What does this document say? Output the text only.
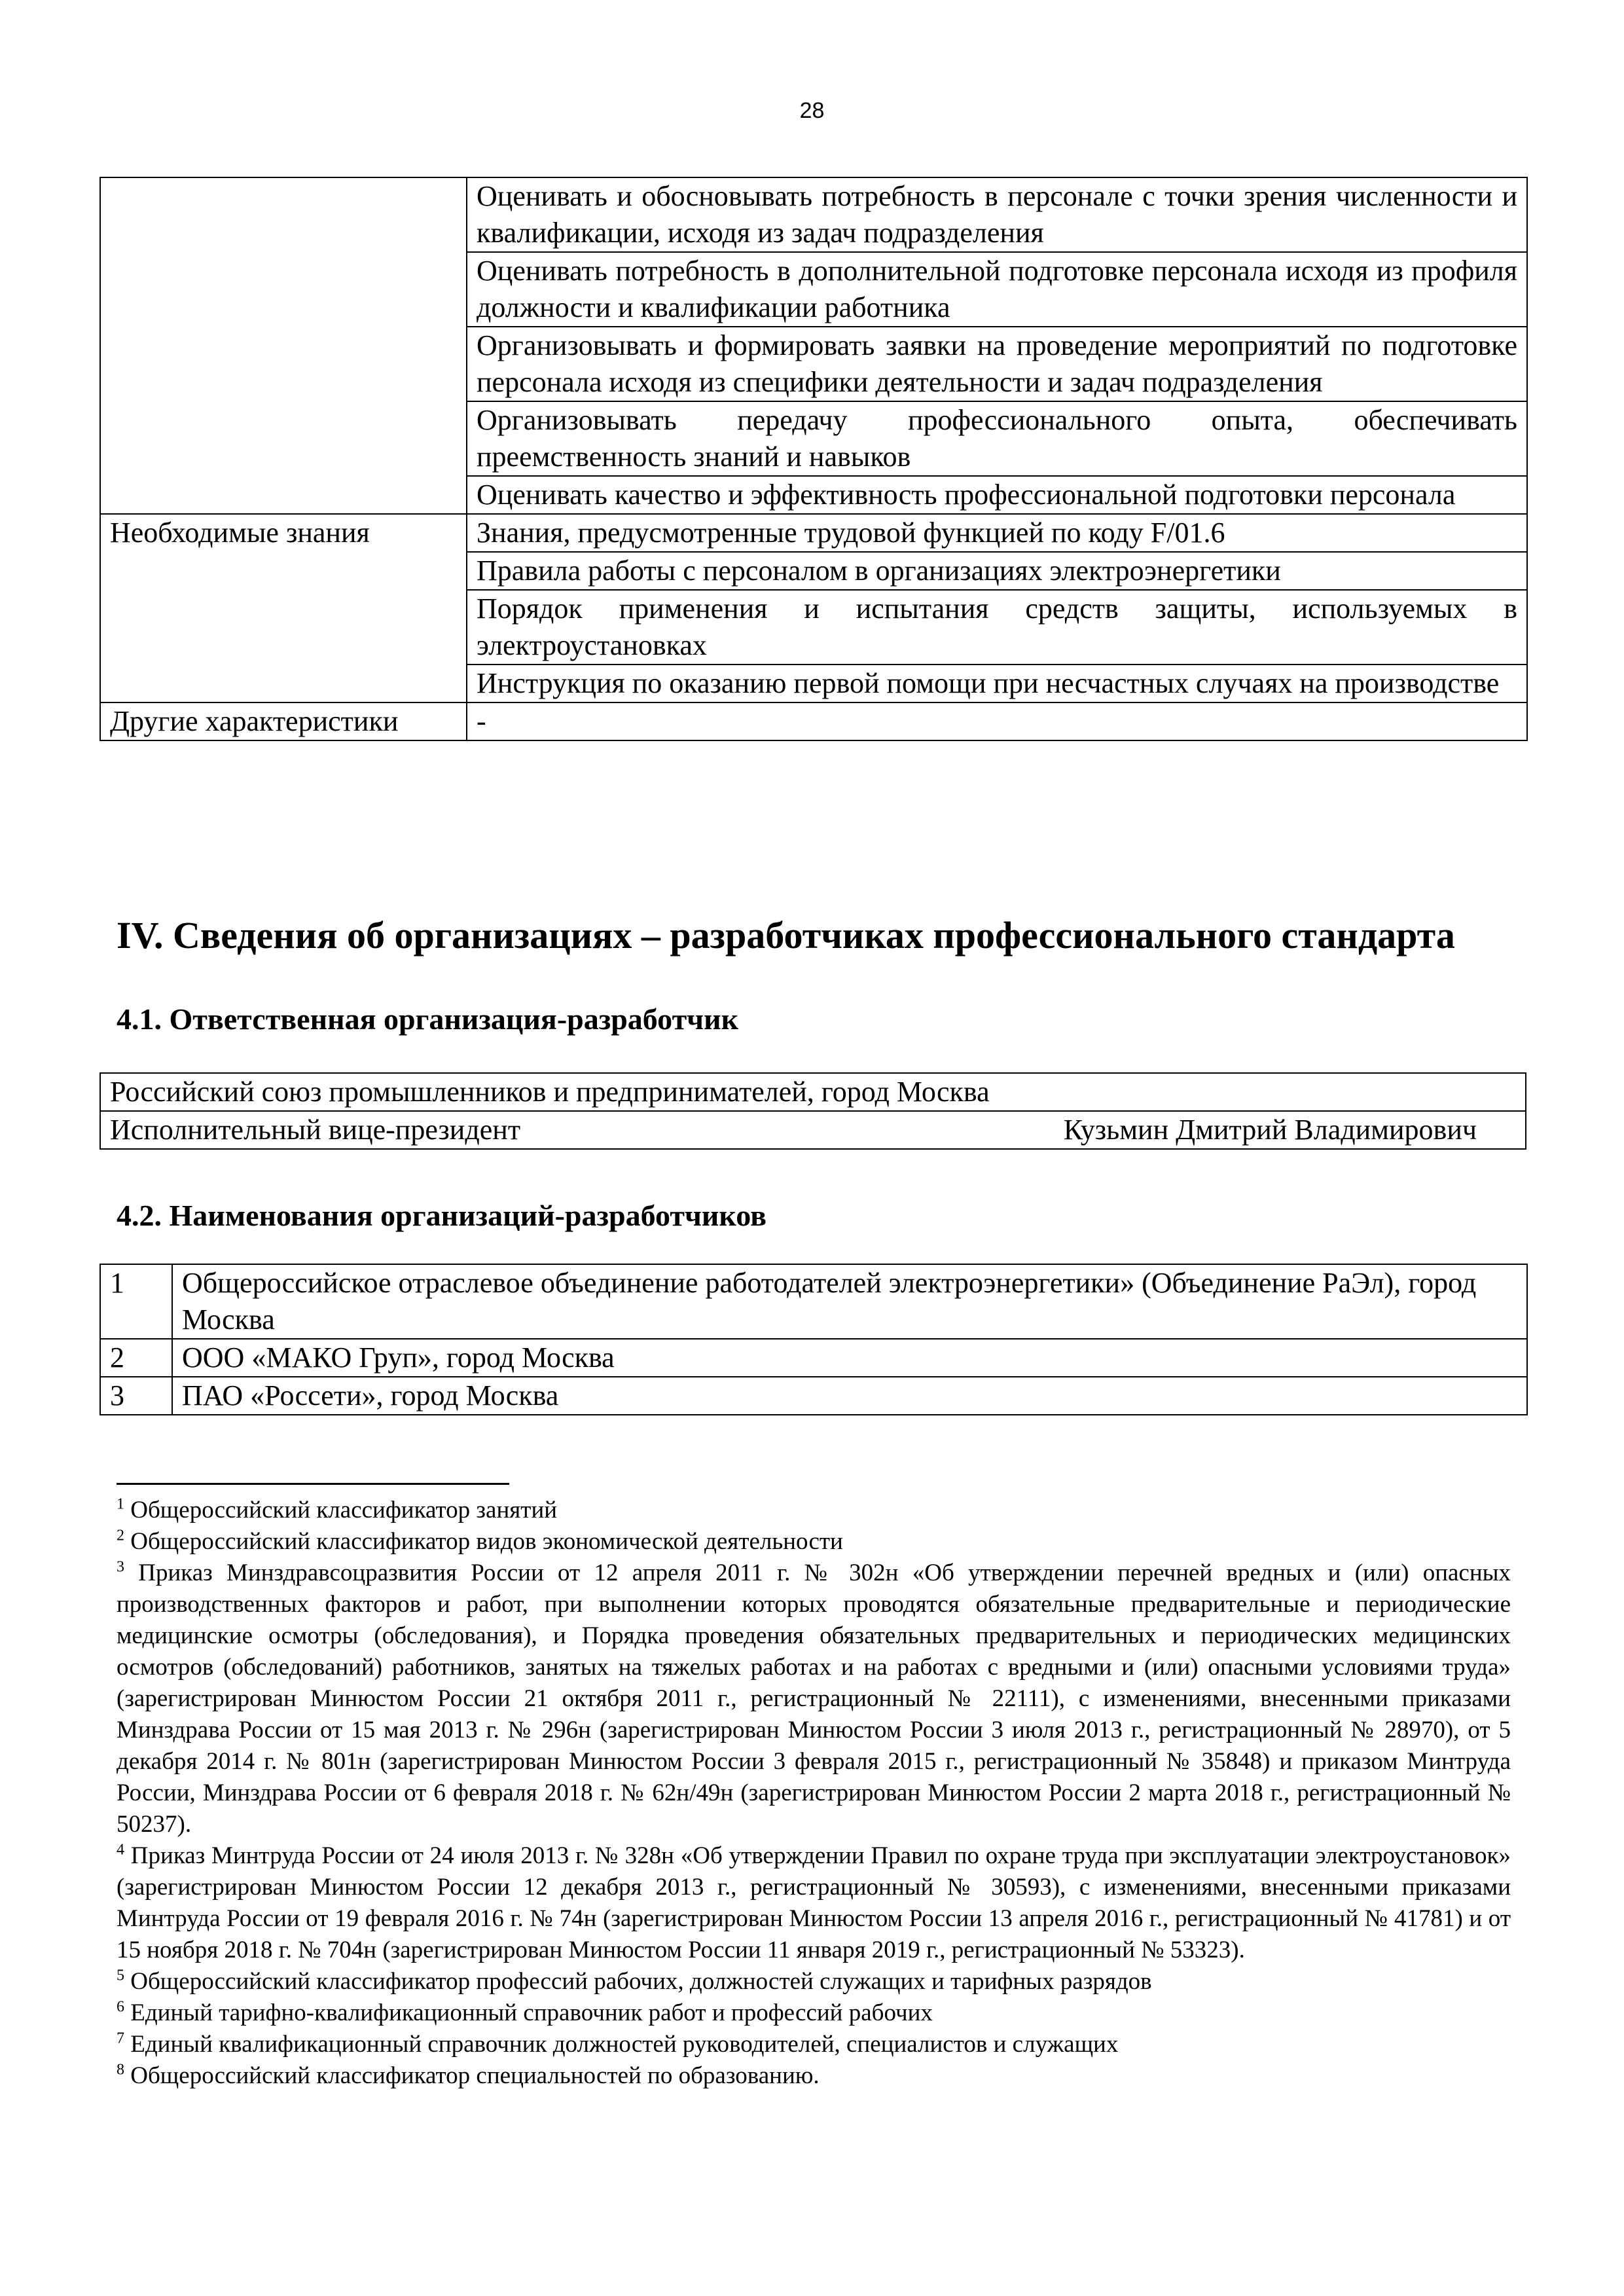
28
	Оценивать и обосновывать потребность в персонале с точки зрения численности и квалификации, исходя из задач подразделения
	Оценивать потребность в дополнительной подготовке персонала исходя из профиля должности и квалификации работника
	Организовывать и формировать заявки на проведение мероприятий по подготовке персонала исходя из специфики деятельности и задач подразделения
	Организовывать передачу профессионального опыта, обеспечивать преемственность знаний и навыков
	Оценивать качество и эффективность профессиональной подготовки персонала
Необходимые знания	Знания, предусмотренные трудовой функцией по коду F/01.6
	Правила работы с персоналом в организациях электроэнергетики
	Порядок применения и испытания средств защиты, используемых в электроустановках
	Инструкция по оказанию первой помощи при несчастных случаях на производстве
Другие характеристики	-
IV. Сведения об организациях – разработчиках профессионального стандарта
4.1. Ответственная организация-разработчик
Российский союз промышленников и предпринимателей, город Москва

Исполнительный вице-президент	Кузьмин Дмитрий Владимирович
4.2. Наименования организаций-разработчиков
1	Общероссийское отраслевое объединение работодателей электроэнергетики» (Объединение РаЭл), город Москва
2	ООО «МАКО Груп», город Москва
3	ПАО «Россети», город Москва
$^1$ Общероссийский классификатор занятий
$^2$ Общероссийский классификатор видов экономической деятельности
$^3$ Приказ Минздравсоцразвития России от 12 апреля 2011 г. № 302н «Об утверждении перечней вредных и (или) опасных производственных факторов и работ, при выполнении которых проводятся обязательные предварительные и периодические медицинские осмотры (обследования), и Порядка проведения обязательных предварительных и периодических медицинских осмотров (обследований) работников, занятых на тяжелых работах и на работах с вредными и (или) опасными условиями труда» (зарегистрирован Минюстом России 21 октября 2011 г., регистрационный № 22111), с изменениями, внесенными приказами Минздрава России от 15 мая 2013 г. № 296н (зарегистрирован Минюстом России 3 июля 2013 г., регистрационный № 28970), от 5 декабря 2014 г. № 801н (зарегистрирован Минюстом России 3 февраля 2015 г., регистрационный № 35848) и приказом Минтруда России, Минздрава России от 6 февраля 2018 г. № 62н/49н (зарегистрирован Минюстом России 2 марта 2018 г., регистрационный № 50237).
$^4$ Приказ Минтруда России от 24 июля 2013 г. № 328н «Об утверждении Правил по охране труда при эксплуатации электроустановок» (зарегистрирован Минюстом России 12 декабря 2013 г., регистрационный № 30593), с изменениями, внесенными приказами Минтруда России от 19 февраля 2016 г. № 74н (зарегистрирован Минюстом России 13 апреля 2016 г., регистрационный № 41781) и от 15 ноября 2018 г. № 704н (зарегистрирован Минюстом России 11 января 2019 г., регистрационный № 53323).
$^5$ Общероссийский классификатор профессий рабочих, должностей служащих и тарифных разрядов
$^6$ Единый тарифно-квалификационный справочник работ и профессий рабочих
$^7$ Единый квалификационный справочник должностей руководителей, специалистов и служащих
$^8$ Общероссийский классификатор специальностей по образованию.
